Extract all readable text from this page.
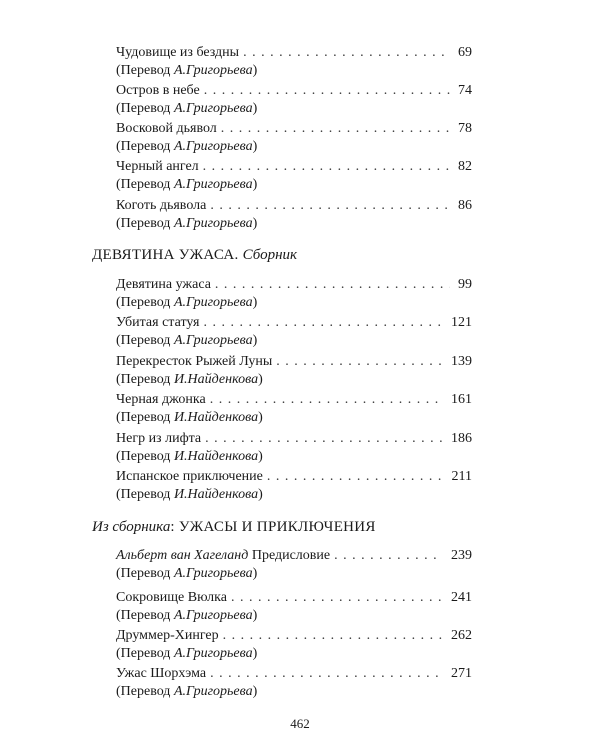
Чудовище из бездны . . .	69
(Перевод А.Григорьева)
Остров в небе . . .	74
(Перевод А.Григорьева)
Восковой дьявол . . .	78
(Перевод А.Григорьева)
Черный ангел . . .	82
(Перевод А.Григорьева)
Коготь дьявола . . .	86
(Перевод А.Григорьева)
ДЕВЯТИНА УЖАСА. Сборник
Девятина ужаса . . .	99
(Перевод А.Григорьева)
Убитая статуя . . .	121
(Перевод А.Григорьева)
Перекресток Рыжей Луны . . .	139
(Перевод И.Найденкова)
Черная джонка . . .	161
(Перевод И.Найденкова)
Негр из лифта . . .	186
(Перевод И.Найденкова)
Испанское приключение . . .	211
(Перевод И.Найденкова)
Из сборника: УЖАСЫ И ПРИКЛЮЧЕНИЯ
Альберт ван Хагеланд Предисловие . . .	239
(Перевод А.Григорьева)
Сокровище Вюлка . . .	241
(Перевод А.Григорьева)
Друммер-Хингер . . .	262
(Перевод А.Григорьева)
Ужас Шорхэма . . .	271
(Перевод А.Григорьева)
462
